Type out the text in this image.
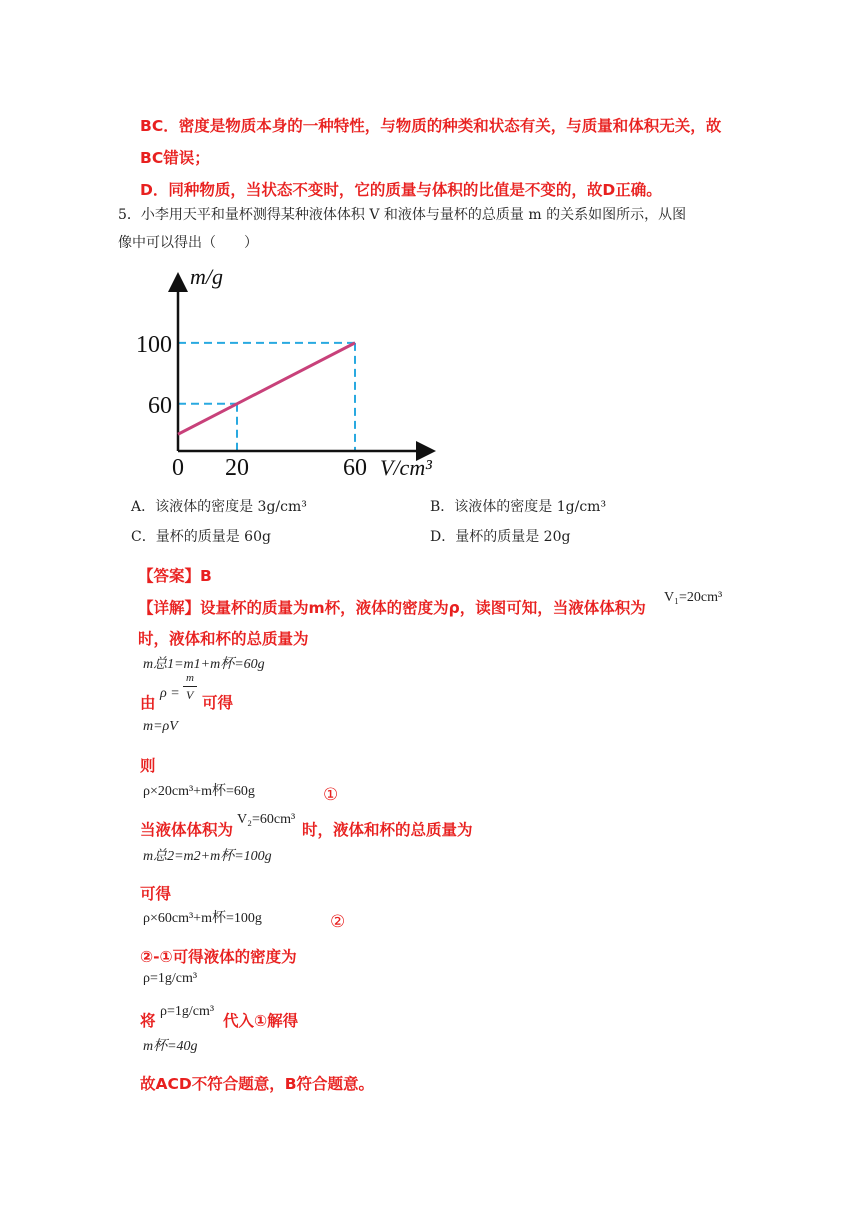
BC．密度是物质本身的一种特性，与物质的种类和状态有关，与质量和体积无关，故
BC错误；
D．同种物质，当状态不变时，它的质量与体积的比值是不变的，故D正确。
5．小李用天平和量杯测得某种液体体积 V 和液体与量杯的总质量 m 的关系如图所示，从图
像中可以得出（　　）
100
60
0 20	60
m/g
V/cm³
A．该液体的密度是 3g/cm³	B．该液体的密度是 1g/cm³
C．量杯的质量是 60g	D．量杯的质量是 20g
【答案】B
【详解】设量杯的质量为m杯，液体的密度为ρ，读图可知，当液体体积为
V₁=20cm³
时，液体和杯的总质量为
m总1=m1+m杯=60g
由
ρ =
m
V 可得
m=ρV
则
ρ×20cm³+m杯=60g	①
当液体体积为
V₂=60cm³
时，液体和杯的总质量为
m总2=m2+m杯=100g
可得
ρ×60cm³+m杯=100g	②
②-①可得液体的密度为
ρ=1g/cm³
将
ρ=1g/cm³
代入①解得
m杯=40g
故ACD不符合题意，B符合题意。
